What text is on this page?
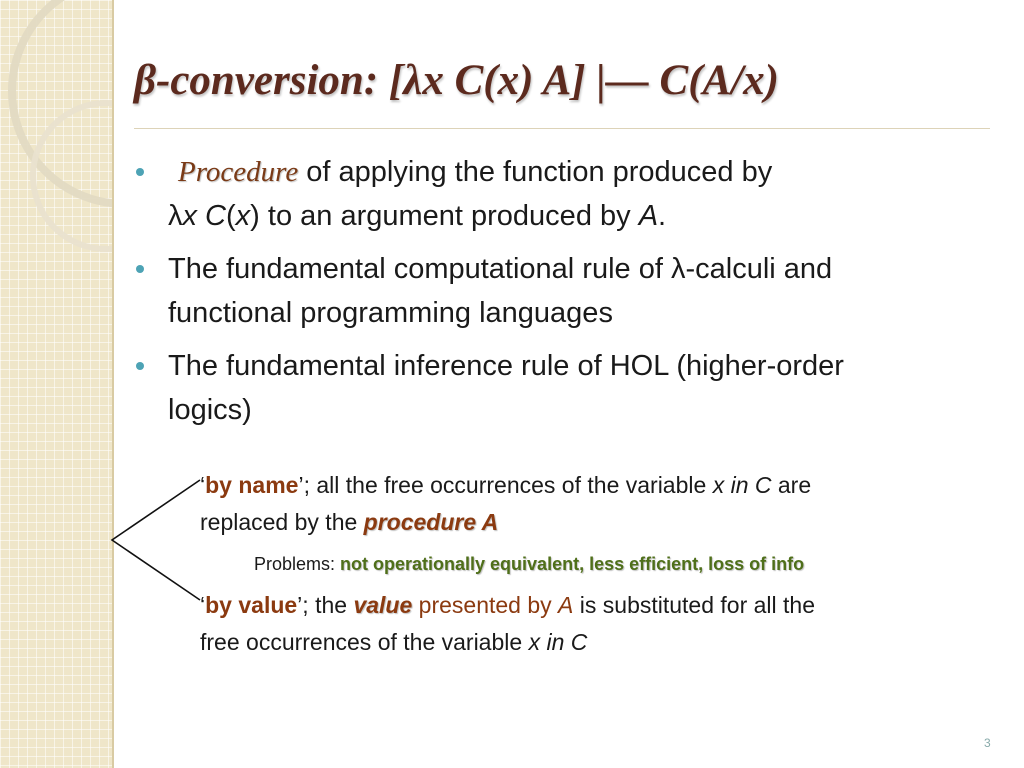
β-conversion: [λx C(x) A] |— C(A/x)
Procedure of applying the function produced by
λx C(x) to an argument produced by A.
The fundamental computational rule of λ-calculi and
functional programming languages
The fundamental inference rule of HOL (higher-order
logics)
‘by name’; all the free occurrences of the variable x in C are
replaced by the procedure A
Problems: not operationally equivalent, less efficient, loss of info
‘by value’; the value presented by A is substituted for all the
free occurrences of the variable x in C
3
